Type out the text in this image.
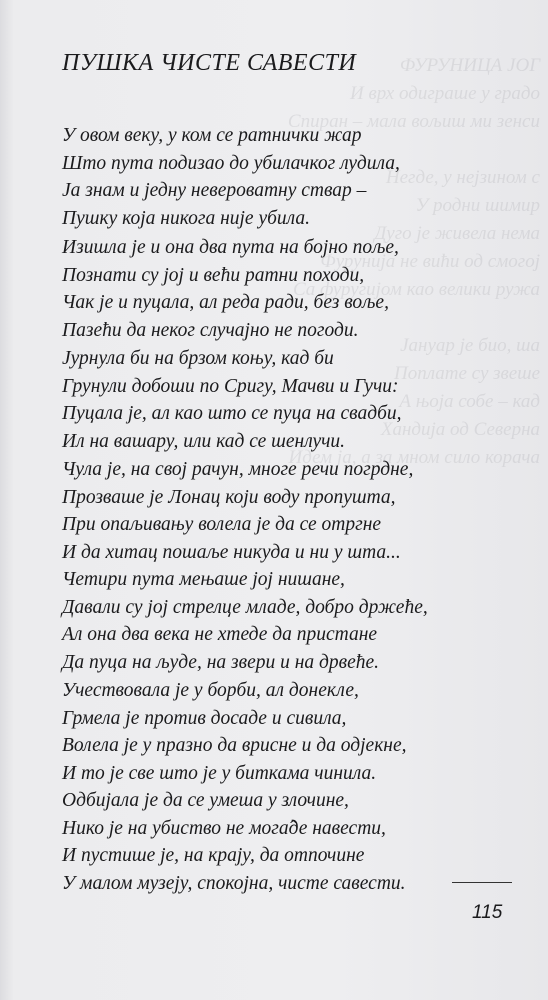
ФУРУНИЦА ЈОГ
И врх одиграше у градо
Спиран – мала вољиш ми зенси

Негде, у нејзином с
У родни шимир
Дуго је живела нема
Фурунија не вићи од смогој
Са фуругијом као велики ружа

Јануар је био, ша
Поплате су звеше
А њоја собе – кад
Хандија од Северна
Идем ја, а за мном сило корача
ПУШКА ЧИСТЕ САВЕСТИ
У овом веку, у ком се ратнички жар
Што пута подизао до убилачког лудила,
Ја знам и једну невероватну ствар –
Пушку која никога није убила.
Изишла је и она два пута на бојно поље,
Познати су јој и већи ратни походи,
Чак је и пуцала, ал реда ради, без воље,
Пазећи да неког случајно не погоди.
Јурнула би на брзом коњу, кад би
Грунули добоши по Сригу, Мачви и Гучи:
Пуцала је, ал као што се пуца на свадби,
Ил на вашару, или кад се шенлучи.
Чула је, на свој рачун, многе речи погрдне,
Прозваше је Лонац који воду пропушта,
При опаљивању волела је да се отргне
И да хитац пошаље никуда и ни у шта...
Четири пута мењаше јој нишане,
Давали су јој стрелце младе, добро држеће,
Ал она два века не хтеде да пристане
Да пуца на људе, на звери и на дрвеће.
Учествовала је у борби, ал донекле,
Грмела је против досаде и сивила,
Волела је у празно да врисне и да одјекне,
И то је све што је у биткама чинила.
Одбијала је да се умеша у злочине,
Нико је на убиство не мога̂де навести,
И пустише је, на крају, да отпочине
У малом музеју, спокојна, чисте савести.
115
